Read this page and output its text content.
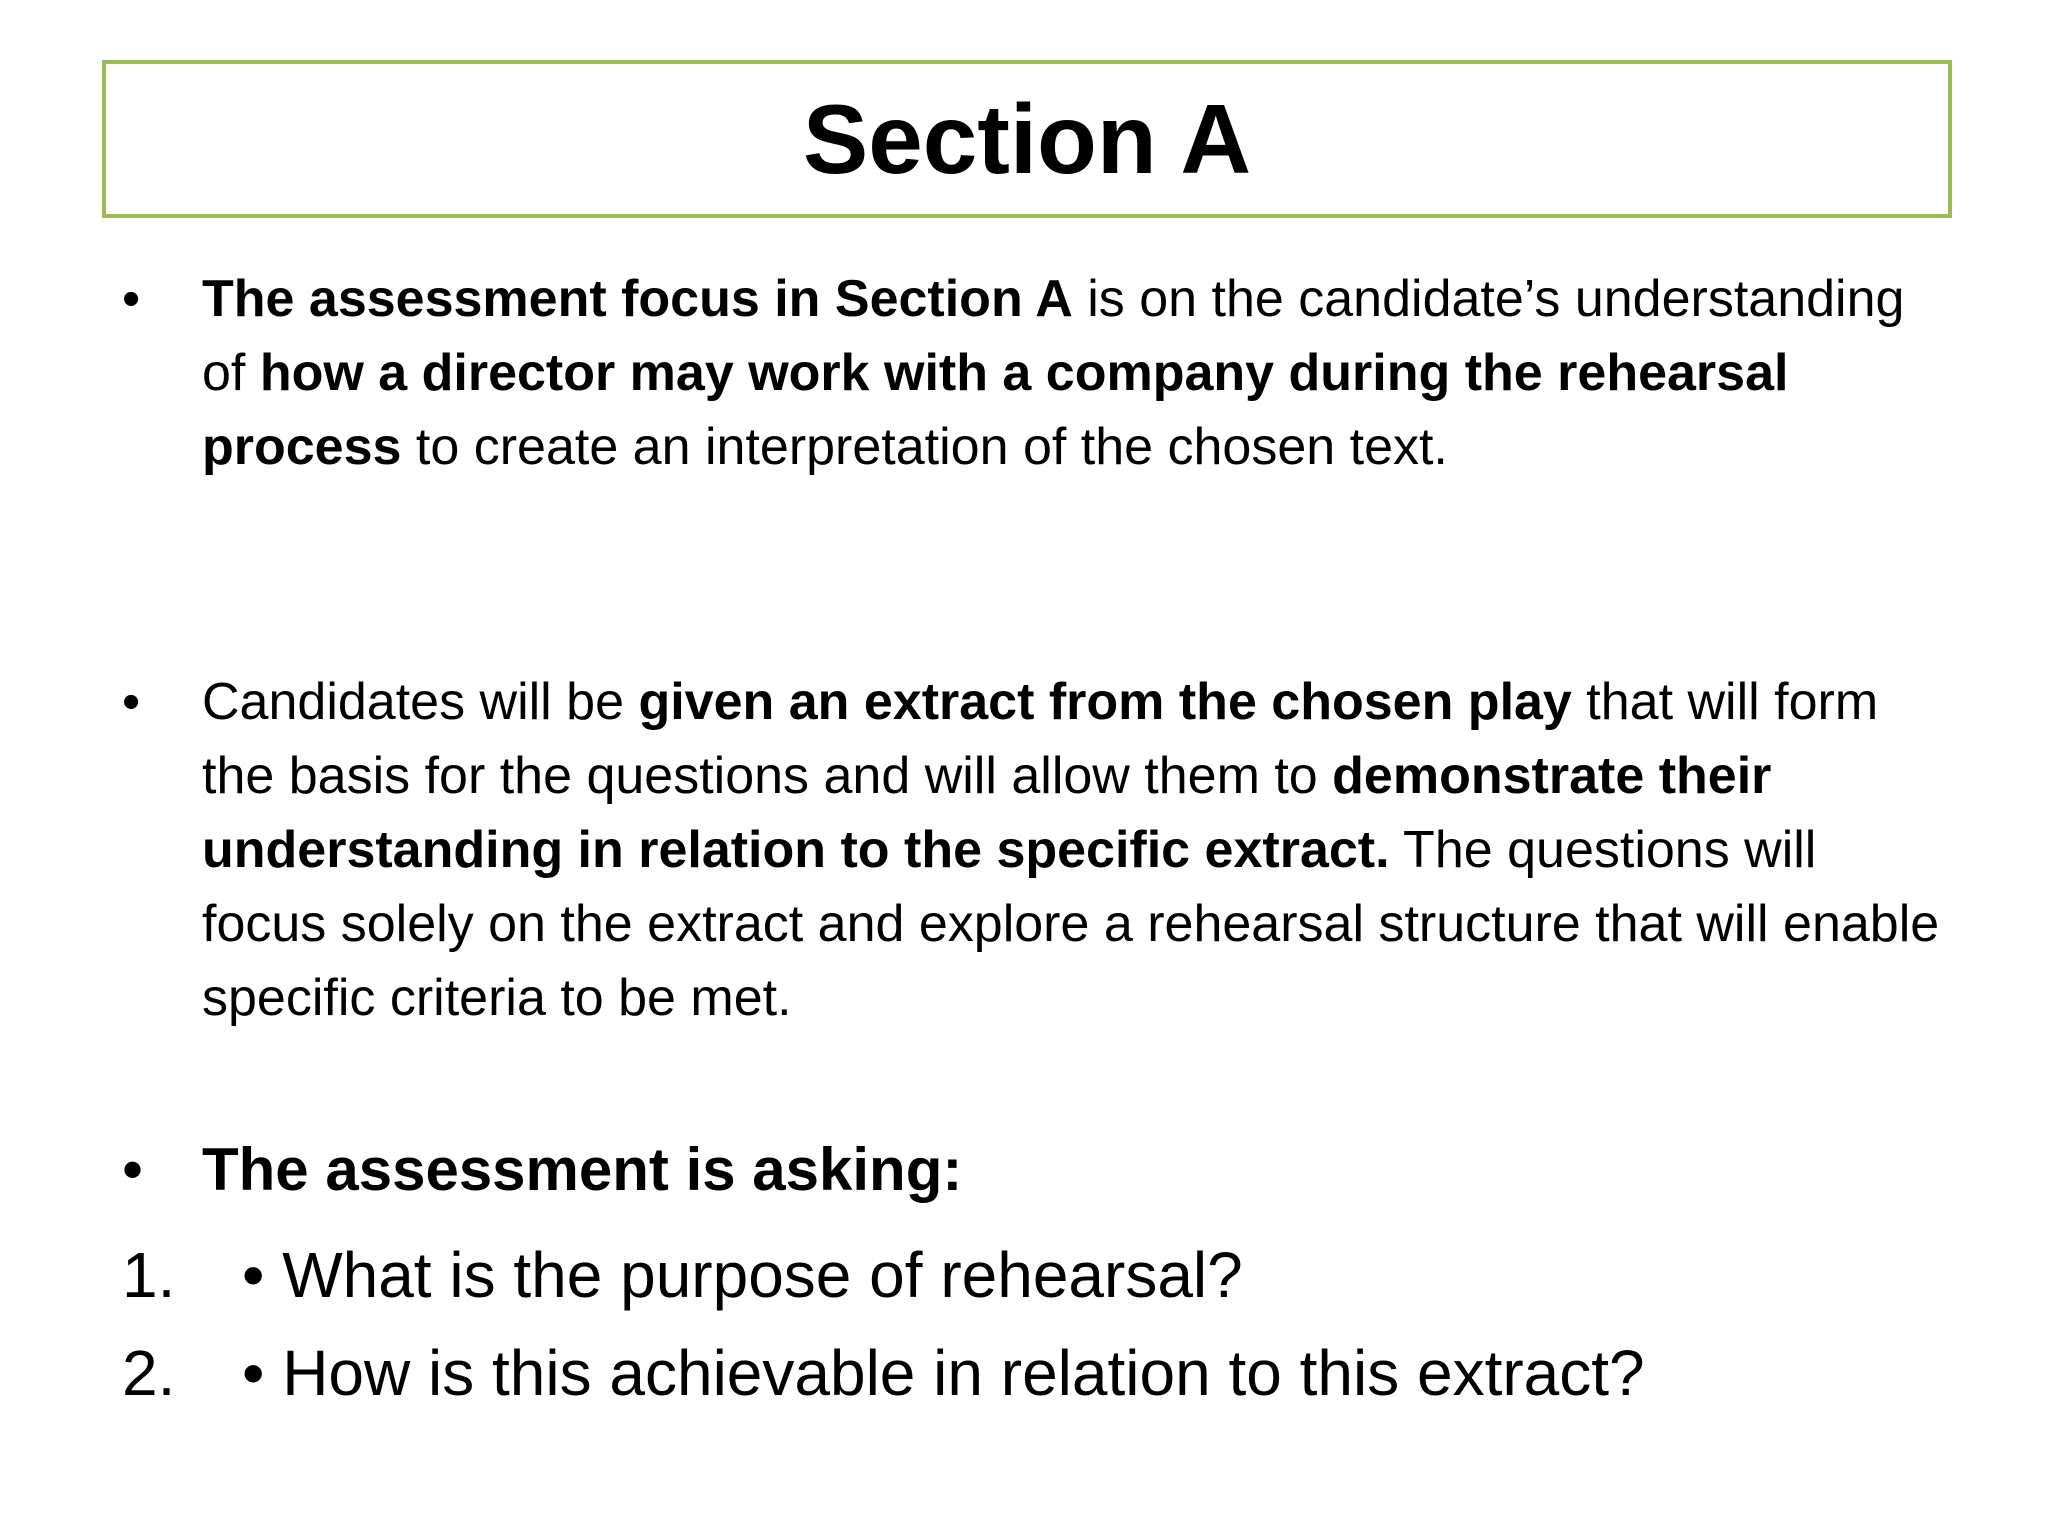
Section A
• The assessment focus in Section A is on the candidate’s understanding of how a director may work with a company during the rehearsal process to create an interpretation of the chosen text.

• Candidates will be given an extract from the chosen play that will form the basis for the questions and will allow them to demonstrate their understanding in relation to the specific extract. The questions will focus solely on the extract and explore a rehearsal structure that will enable specific criteria to be met.

• The assessment is asking:

1. • What is the purpose of rehearsal?

2. • How is this achievable in relation to this extract?
